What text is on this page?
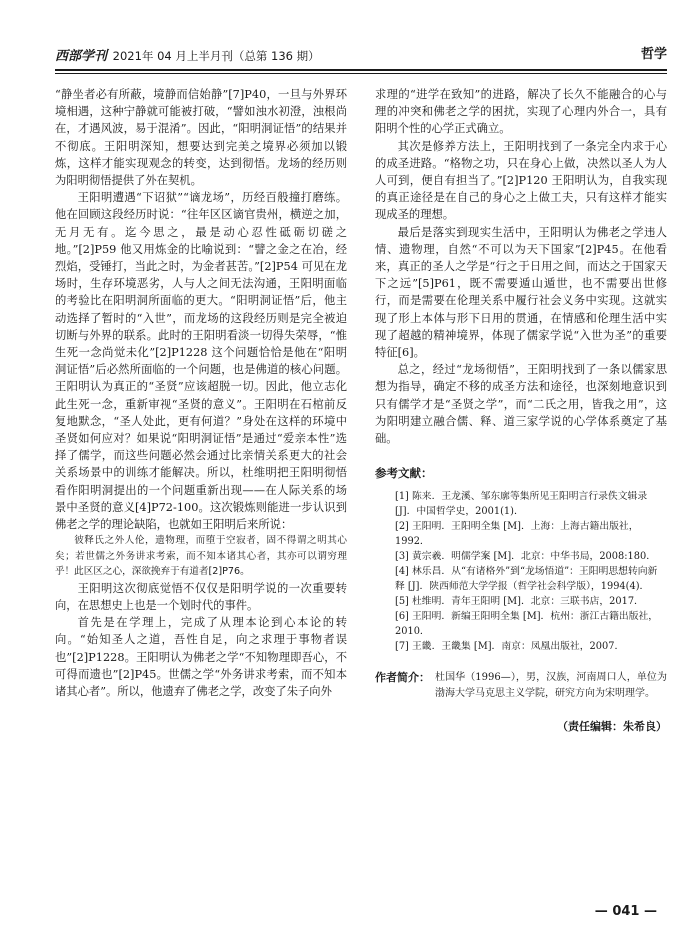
西部学刊 2021年 04 月上半月刊（总第 136 期）	哲学

“静坐者必有所蔽，境静而信始静”[7]P40，一旦与外界环境相遇，这种宁静就可能被打破，“譬如浊水初澄，浊根尚在，才遇风波，易于混淆”。因此，“阳明洞证悟”的结果并不彻底。王阳明深知，想要达到完美之境界必须加以锻炼，这样才能实现观念的转变，达到彻悟。龙场的经历则为阳明彻悟提供了外在契机。

王阳明遭遇“下诏狱”“谪龙场”，历经百般撞打磨练。他在回顾这段经历时说：“往年区区谪官贵州，横逆之加，无月无有。迄今思之，最是动心忍性砥砺切磋之地。”[2]P59 他又用炼金的比喻说到：“譬之金之在冶，经烈焰，受锤打，当此之时，为金者甚苦。”[2]P54 可见在龙场时，生存环境恶劣，人与人之间无法沟通，王阳明面临的考验比在阳明洞所面临的更大。“阳明洞证悟”后，他主动选择了暂时的“入世”，而龙场的这段经历则是完全被迫切断与外界的联系。此时的王阳明看淡一切得失荣辱，“惟生死一念尚觉未化”[2]P1228 这个问题恰恰是他在“阳明洞证悟”后必然所面临的一个问题，也是佛道的核心问题。王阳明认为真正的“圣贤”应该超脱一切。因此，他立志化此生死一念，重新审视“圣贤的意义”。王阳明在石棺前反复地默念，“圣人处此，更有何道？”身处在这样的环境中圣贤如何应对？如果说“阳明洞证悟”是通过“爱亲本性”选择了儒学，而这些问题必然会通过比亲情关系更大的社会关系场景中的训练才能解决。所以，杜维明把王阳明彻悟看作阳明洞提出的一个问题重新出现——在人际关系的场景中圣贤的意义[4]P72-100。这次锻炼则能进一步认识到佛老之学的理论缺陷，也就如王阳明后来所说：

彼释氏之外人伦，遗物理，而堕于空寂者，固不得谓之明其心矣；若世儒之外务讲求考索，而不知本诸其心者，其亦可以谓穷理乎！此区区之心，深欲挽弃于有道者[2]P76。

王阳明这次彻底觉悟不仅仅是阳明学说的一次重要转向，在思想史上也是一个划时代的事件。

首先是在学理上，完成了从理本论到心本论的转向。“始知圣人之道，吾性自足，向之求理于事物者误也”[2]P1228。王阳明认为佛老之学“不知物理即吾心，不可得而遗也”[2]P45。世儒之学“外务讲求考索，而不知本诸其心者”。所以，他遗弃了佛老之学，改变了朱子向外

求理的“进学在致知”的进路，解决了长久不能融合的心与理的冲突和佛老之学的困扰，实现了心理内外合一，具有阳明个性的心学正式确立。

其次是修养方法上，王阳明找到了一条完全内求于心的成圣进路。“格物之功，只在身心上做，决然以圣人为人人可到，便自有担当了。”[2]P120 王阳明认为，自我实现的真正途径是在自己的身心之上做工夫，只有这样才能实现成圣的理想。

最后是落实到现实生活中，王阳明认为佛老之学违人情、遗物理，自然“不可以为天下国家”[2]P45。在他看来，真正的圣人之学是“行之于日用之间，而达之于国家天下之远”[5]P61，既不需要遁山遁世，也不需要出世修行，而是需要在伦理关系中履行社会义务中实现。这就实现了形上本体与形下日用的贯通，在情感和伦理生活中实现了超越的精神境界，体现了儒家学说“入世为圣”的重要特征[6]。

总之，经过“龙场彻悟”，王阳明找到了一条以儒家思想为指导，确定不移的成圣方法和途径，也深刻地意识到只有儒学才是“圣贤之学”，而“二氏之用，皆我之用”，这为阳明建立融合儒、释、道三家学说的心学体系奠定了基础。

参考文献：

[1] 陈来．王龙溪、邹东廓等集所见王阳明言行录佚文辑录 [J]．中国哲学史，2001(1)．

[2] 王阳明．王阳明全集 [M]．上海：上海古籍出版社，1992．

[3] 黄宗羲．明儒学案 [M]．北京：中华书局，2008:180．

[4] 林乐昌．从“有诸格外”到“龙场悟道”：王阳明思想转向新释 [J]．陕西师范大学学报（哲学社会科学版），1994(4)．

[5] 杜维明．青年王阳明 [M]．北京：三联书店，2017．

[6] 王阳明．新编王阳明全集 [M]．杭州：浙江古籍出版社，2010．

[7] 王畿．王畿集 [M]．南京：凤凰出版社，2007．

作者简介： 杜国华（1996—），男，汉族，河南周口人，单位为渤海大学马克思主义学院，研究方向为宋明理学。
（责任编辑：朱希良）
— 041 —
